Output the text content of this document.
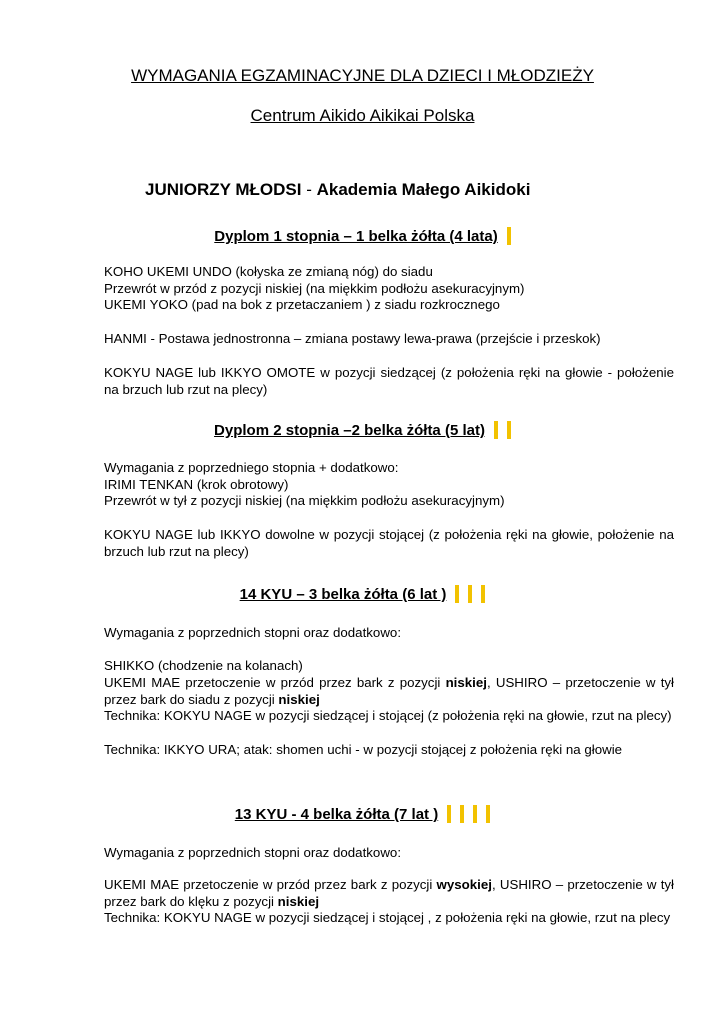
WYMAGANIA EGZAMINACYJNE DLA DZIECI I MŁODZIEŻY
Centrum Aikido Aikikai Polska
JUNIORZY MŁODSI - Akademia Małego Aikidoki
Dyplom 1 stopnia – 1 belka żółta (4 lata)
KOHO UKEMI UNDO (kołyska ze zmianą nóg) do siadu
Przewrót w przód z pozycji niskiej (na miękkim podłożu asekuracyjnym)
UKEMI YOKO (pad na bok z przetaczaniem ) z siadu rozkrocznego
HANMI - Postawa jednostronna – zmiana postawy lewa-prawa (przejście i przeskok)
KOKYU NAGE lub IKKYO OMOTE w pozycji siedzącej (z położenia ręki na głowie - położenie na brzuch lub rzut na plecy)
Dyplom 2 stopnia –2 belka żółta (5 lat)
Wymagania z poprzedniego stopnia + dodatkowo:
IRIMI TENKAN (krok obrotowy)
Przewrót w tył z pozycji niskiej (na miękkim podłożu asekuracyjnym)
KOKYU NAGE lub IKKYO dowolne w pozycji stojącej (z położenia ręki na głowie, położenie na brzuch lub rzut na plecy)
14 KYU – 3 belka żółta (6 lat )
Wymagania z poprzednich stopni oraz dodatkowo:
SHIKKO (chodzenie na kolanach)
UKEMI MAE przetoczenie w przód przez bark z pozycji niskiej, USHIRO – przetoczenie w tył przez bark do siadu z pozycji niskiej
Technika: KOKYU NAGE w pozycji siedzącej i stojącej (z położenia ręki na głowie, rzut na plecy)
Technika: IKKYO URA; atak: shomen uchi - w pozycji stojącej z położenia ręki na głowie
13 KYU - 4 belka żółta (7 lat )
Wymagania z poprzednich stopni oraz dodatkowo:
UKEMI MAE przetoczenie w przód przez bark z pozycji wysokiej, USHIRO – przetoczenie w tył przez bark do klęku z pozycji niskiej
Technika: KOKYU NAGE w pozycji siedzącej i stojącej , z położenia ręki na głowie, rzut na plecy
